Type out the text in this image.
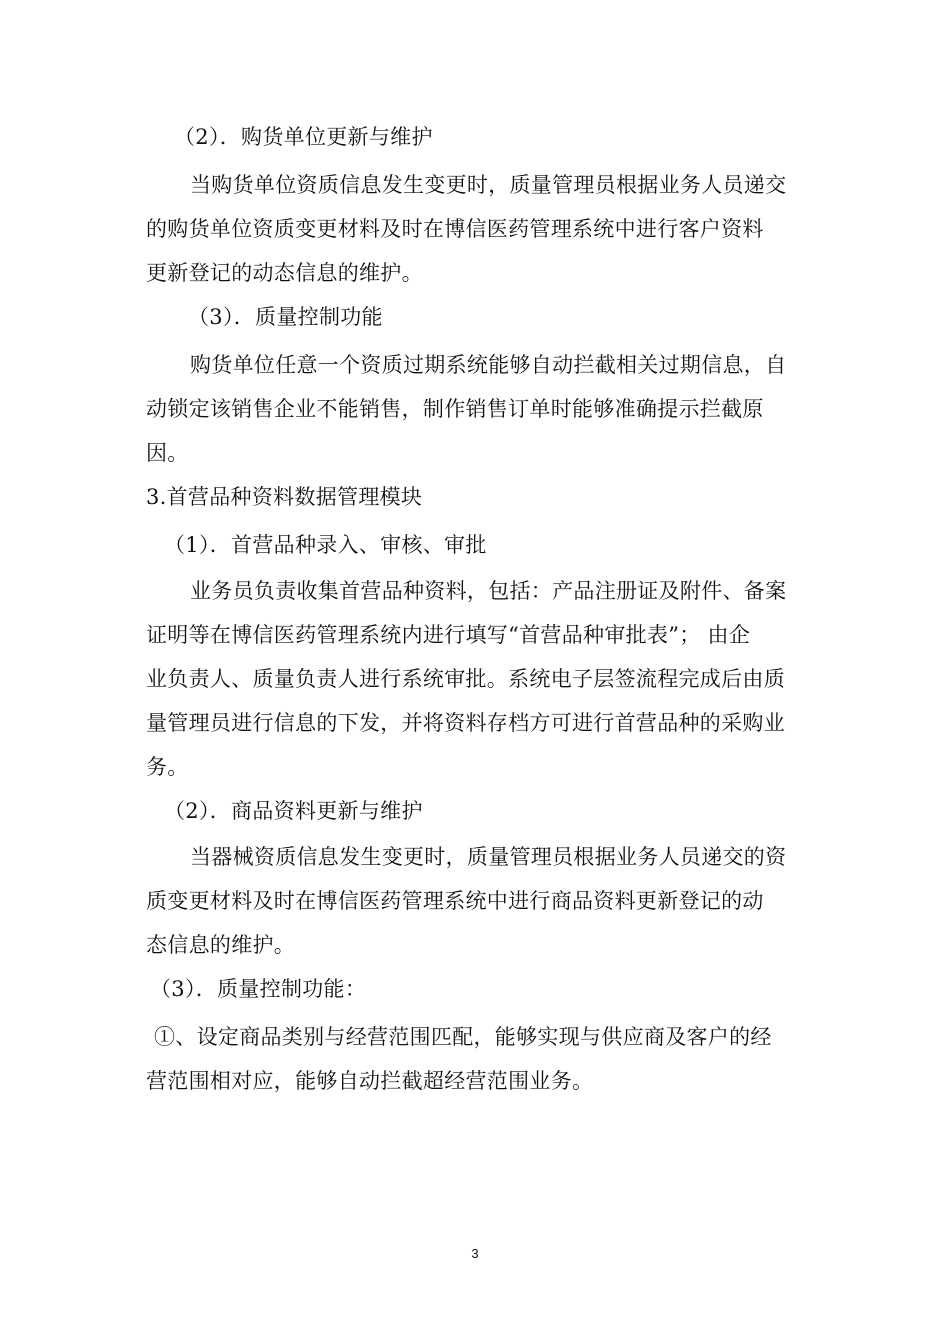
（2）．购货单位更新与维护
当购货单位资质信息发生变更时，质量管理员根据业务人员递交
的购货单位资质变更材料及时在博信医药管理系统中进行客户资料
更新登记的动态信息的维护。
（3）．质量控制功能
购货单位任意一个资质过期系统能够自动拦截相关过期信息，自
动锁定该销售企业不能销售，制作销售订单时能够准确提示拦截原
因。
3.首营品种资料数据管理模块
（1）．首营品种录入、审核、审批
业务员负责收集首营品种资料，包括：产品注册证及附件、备案
证明等在博信医药管理系统内进行填写“首营品种审批表”； 由企
业负责人、质量负责人进行系统审批。系统电子层签流程完成后由质
量管理员进行信息的下发，并将资料存档方可进行首营品种的采购业
务。
（2）．商品资料更新与维护
当器械资质信息发生变更时，质量管理员根据业务人员递交的资
质变更材料及时在博信医药管理系统中进行商品资料更新登记的动
态信息的维护。
（3）．质量控制功能：
①、设定商品类别与经营范围匹配，能够实现与供应商及客户的经
营范围相对应，能够自动拦截超经营范围业务。
3
